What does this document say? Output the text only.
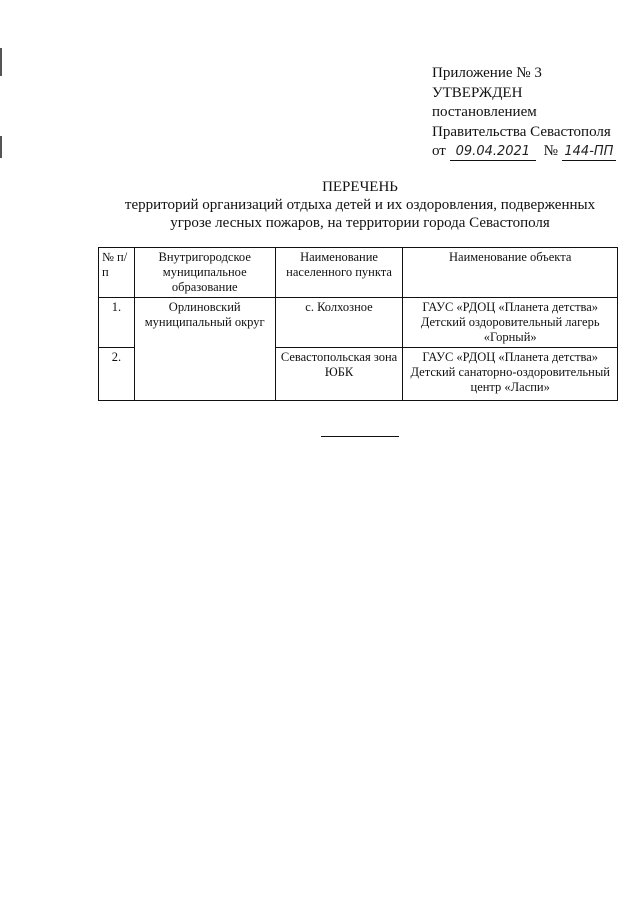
Приложение № 3
УТВЕРЖДЕН
постановлением
Правительства Севастополя
от 09.04.2021 № 144-ПП
ПЕРЕЧЕНЬ
территорий организаций отдыха детей и их оздоровления, подверженных
угрозе лесных пожаров, на территории города Севастополя
№ п/п	Внутригородское муниципальное образование	Наименование населенного пункта	Наименование объекта
1.	Орлиновский муниципальный округ	с. Колхозное	ГАУС «РДОЦ «Планета детства»
Детский оздоровительный лагерь
«Горный»

2.		Севастопольская зона ЮБК	ГАУС «РДОЦ «Планета детства»
Детский санаторно-оздоровительный
центр «Ласпи»
